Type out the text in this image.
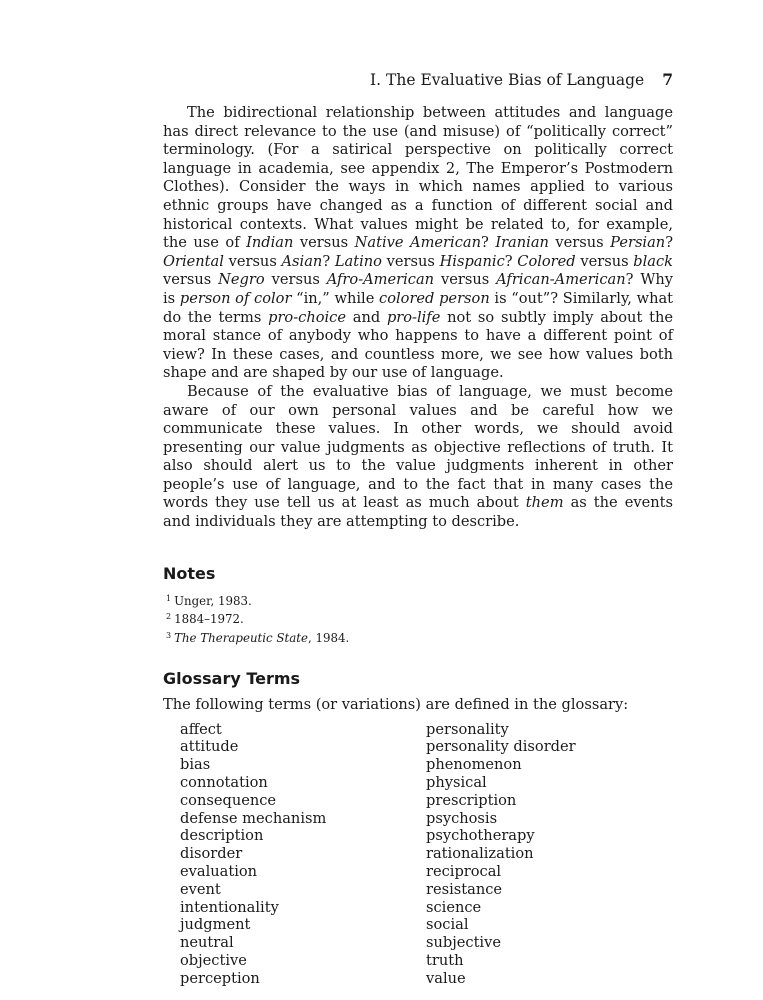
I. The Evaluative Bias of Language 7

The bidirectional relationship between attitudes and language has direct relevance to the use (and misuse) of “politically correct” terminology. (For a satirical perspective on politically correct language in academia, see appendix 2, The Emperor’s Postmodern Clothes). Consider the ways in which names applied to various ethnic groups have changed as a function of different social and historical contexts. What values might be related to, for example, the use of Indian versus Native American? Iranian versus Persian? Oriental versus Asian? Latino versus Hispanic? Colored versus black versus Negro versus Afro-American versus African-American? Why is person of color “in,” while colored person is “out”? Similarly, what do the terms pro-choice and pro-life not so subtly imply about the moral stance of anybody who happens to have a different point of view? In these cases, and countless more, we see how values both shape and are shaped by our use of language.

Because of the evaluative bias of language, we must become aware of our own personal values and be careful how we communicate these values. In other words, we should avoid presenting our value judgments as objective reflections of truth. It also should alert us to the value judgments inherent in other people’s use of language, and to the fact that in many cases the words they use tell us at least as much about them as the events and individuals they are attempting to describe.

Notes
$^1$ Unger, 1983.
$^2$ 1884–1972.
$^3$ The Therapeutic State, 1984.
Glossary Terms

The following terms (or variations) are defined in the glossary:

affect
attitude
bias
connotation
consequence
defense mechanism
description
disorder
evaluation
event
intentionality
judgment
neutral
objective
perception
personality
personality disorder
phenomenon
physical
prescription
psychosis
psychotherapy
rationalization
reciprocal
resistance
science
social
subjective
truth
value
